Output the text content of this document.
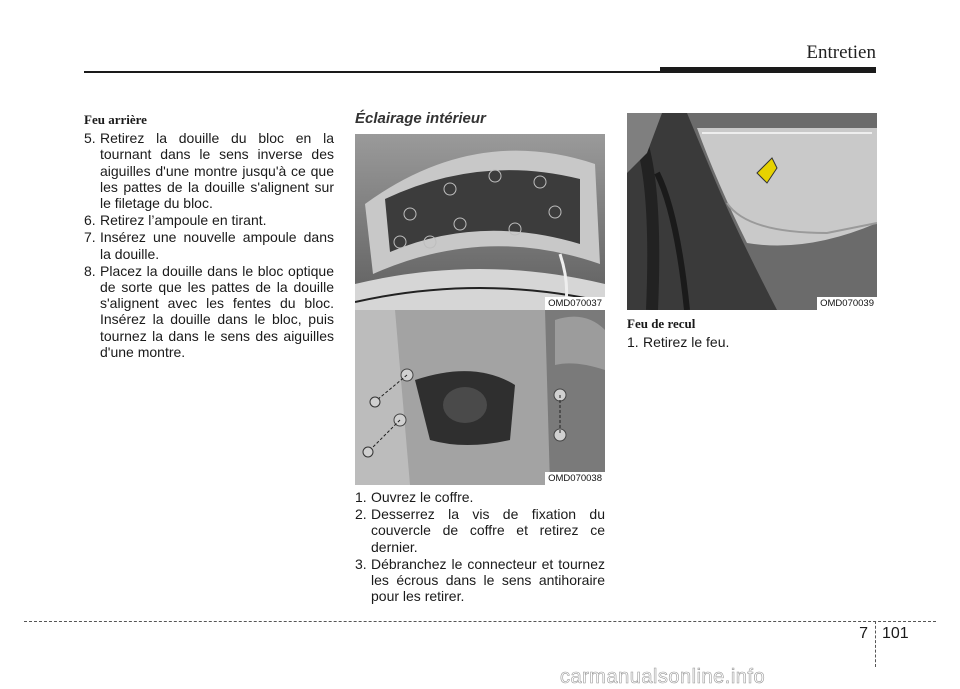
Entretien
Feu arrière
5. Retirez la douille du bloc en la tournant dans le sens inverse des aiguilles d'une montre jusqu'à ce que les pattes de la douille s'alignent sur le filetage du bloc.
6. Retirez l’ampoule en tirant.
7. Insérez une nouvelle ampoule dans la douille.
8. Placez la douille dans le bloc optique de sorte que les pattes de la douille s'alignent avec les fentes du bloc. Insérez la douille dans le bloc, puis tournez la dans le sens des aiguilles d'une montre.
Éclairage intérieur
OMD070037
OMD070038
1. Ouvrez le coffre.
2. Desserrez la vis de fixation du couvercle de coffre et retirez ce dernier.
3. Débranchez le connecteur et tournez les écrous dans le sens antihoraire pour les retirer.
OMD070039
Feu de recul
1. Retirez le feu.
7 101
carmanualsonline.info
